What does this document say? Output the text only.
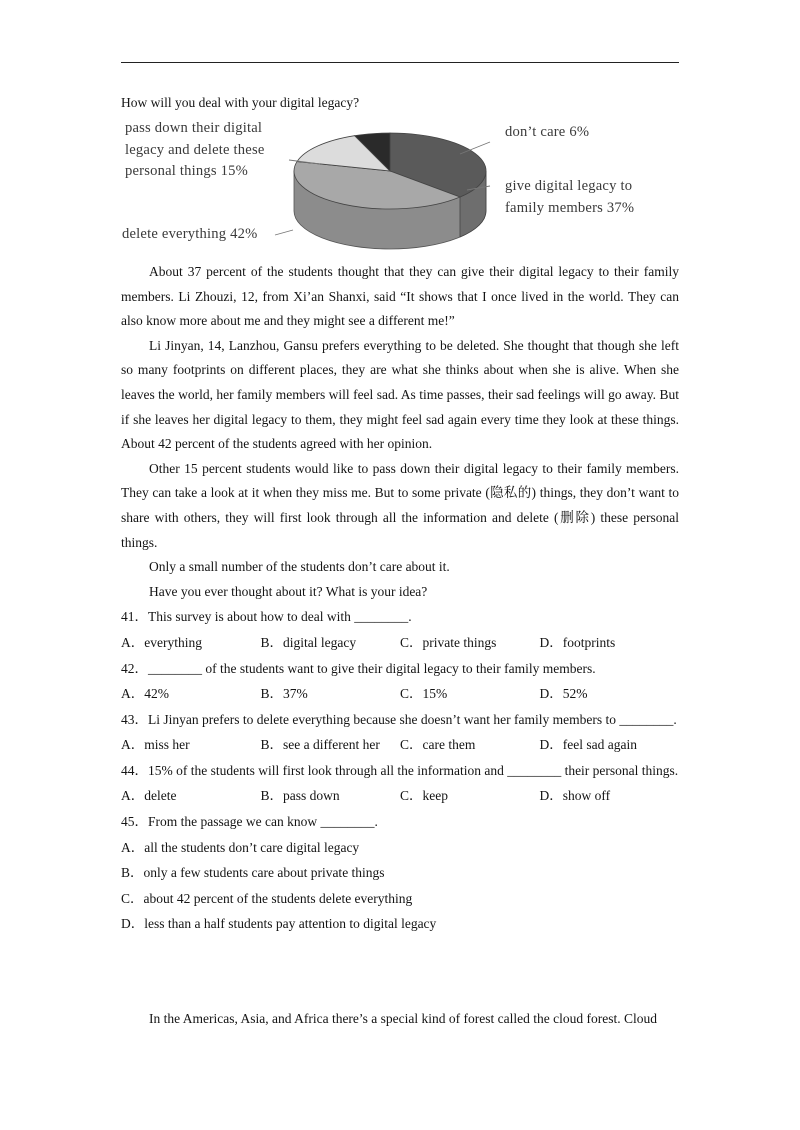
How will you deal with your digital legacy?
pass down their digital
legacy and delete these
personal things 15%
don’t care 6%
give digital legacy to
family members 37%
delete everything 42%

About 37 percent of the students thought that they can give their digital legacy to their family members. Li Zhouzi, 12, from Xi’an Shanxi, said “It shows that I once lived in the world. They can also know more about me and they might see a different me!”

Li Jinyan, 14, Lanzhou, Gansu prefers everything to be deleted. She thought that though she left so many footprints on different places, they are what she thinks about when she is alive. When she leaves the world, her family members will feel sad. As time passes, their sad feelings will go away. But if she leaves her digital legacy to them, they might feel sad again every time they look at these things. About 42 percent of the students agreed with her opinion.

Other 15 percent students would like to pass down their digital legacy to their family members. They can take a look at it when they miss me. But to some private (隐私的) things, they don’t want to share with others, they will first look through all the information and delete (删除) these personal things.

Only a small number of the students don’t care about it.

Have you ever thought about it? What is your idea?

41．This survey is about how to deal with ________.

A．everything	B．digital legacy	C．private things	D．footprints

42．________ of the students want to give their digital legacy to their family members.

A．42%	B．37%	C．15%	D．52%

43．Li Jinyan prefers to delete everything because she doesn’t want her family members to ________.

A．miss her	B．see a different her	C．care them	D．feel sad again

44．15% of the students will first look through all the information and ________ their personal things.

A．delete	B．pass down	C．keep	D．show off

45．From the passage we can know ________.

A．all the students don’t care digital legacy
B．only a few students care about private things
C．about 42 percent of the students delete everything
D．less than a half students pay attention to digital legacy
In the Americas, Asia, and Africa there’s a special kind of forest called the cloud forest. Cloud
